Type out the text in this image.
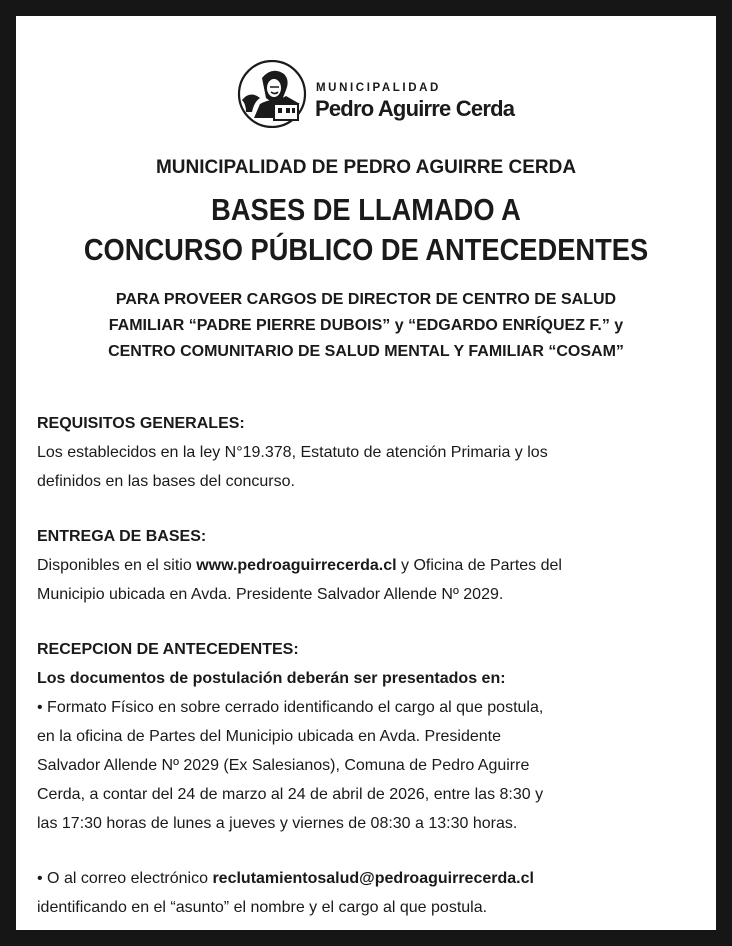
MUNICIPALIDAD
Pedro Aguirre Cerda
MUNICIPALIDAD DE PEDRO AGUIRRE CERDA
BASES DE LLAMADO A
CONCURSO PÚBLICO DE ANTECEDENTES
PARA PROVEER CARGOS DE DIRECTOR DE CENTRO DE SALUD
FAMILIAR “PADRE PIERRE DUBOIS” y “EDGARDO ENRÍQUEZ F.” y
CENTRO COMUNITARIO DE SALUD MENTAL Y FAMILIAR “COSAM”

REQUISITOS GENERALES:

Los establecidos en la ley N°19.378, Estatuto de atención Primaria y los

definidos en las bases del concurso.

ENTREGA DE BASES:

Disponibles en el sitio www.pedroaguirrecerda.cl y Oficina de Partes del

Municipio ubicada en Avda. Presidente Salvador Allende Nº 2029.

RECEPCION DE ANTECEDENTES:

Los documentos de postulación deberán ser presentados en:

• Formato Físico en sobre cerrado identificando el cargo al que postula,

en la oficina de Partes del Municipio ubicada en Avda. Presidente

Salvador Allende Nº 2029 (Ex Salesianos), Comuna de Pedro Aguirre

Cerda, a contar del 24 de marzo al 24 de abril de 2026, entre las 8:30 y

las 17:30 horas de lunes a jueves y viernes de 08:30 a 13:30 horas.

• O al correo electrónico reclutamientosalud@pedroaguirrecerda.cl

identificando en el “asunto” el nombre y el cargo al que postula.
